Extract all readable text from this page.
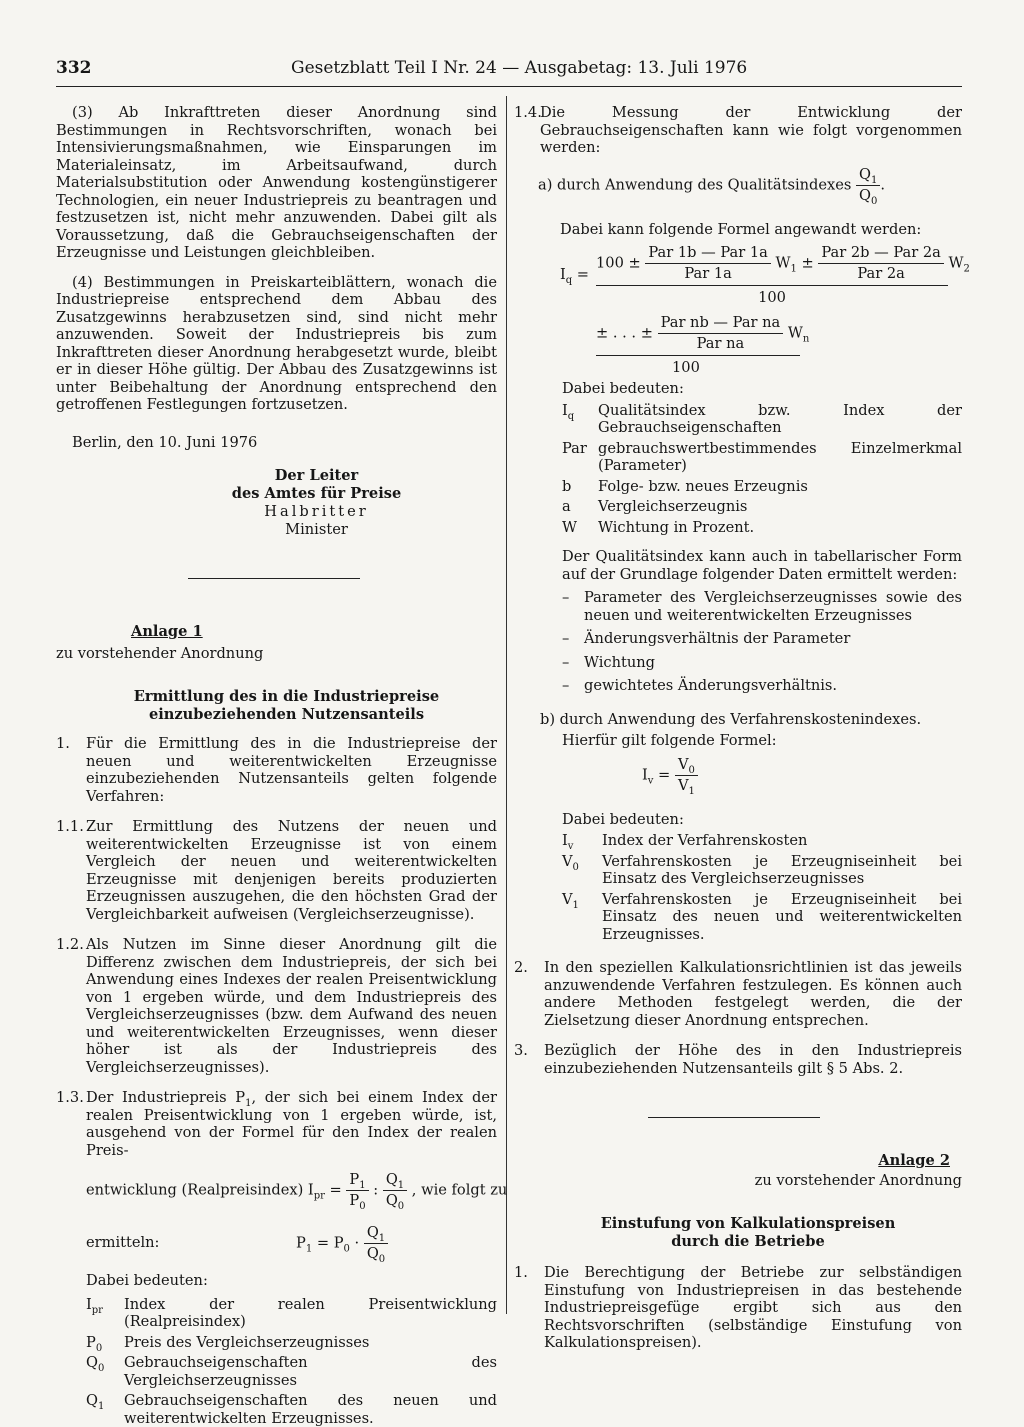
332	Gesetzblatt Teil I Nr. 24 — Ausgabetag: 13. Juli 1976

(3) Ab Inkrafttreten dieser Anordnung sind Bestimmungen in Rechtsvorschriften, wonach bei Intensivierungsmaßnahmen, wie Einsparungen im Materialeinsatz, im Arbeitsaufwand, durch Materialsubstitution oder Anwendung kostengünstigerer Technologien, ein neuer Industriepreis zu beantragen und festzusetzen ist, nicht mehr anzuwenden. Dabei gilt als Voraussetzung, daß die Gebrauchseigenschaften der Erzeugnisse und Leistungen gleichbleiben.

(4) Bestimmungen in Preiskarteiblättern, wonach die Industriepreise entsprechend dem Abbau des Zusatzgewinns herabzusetzen sind, sind nicht mehr anzuwenden. Soweit der Industriepreis bis zum Inkrafttreten dieser Anordnung herabgesetzt wurde, bleibt er in dieser Höhe gültig. Der Abbau des Zusatzgewinns ist unter Beibehaltung der Anordnung entsprechend den getroffenen Festlegungen fortzusetzen.

Berlin, den 10. Juni 1976

Der Leiter

des Amtes für Preise

Halbritter

Minister

Anlage 1

zu vorstehender Anordnung

Ermittlung des in die Industriepreise

einzubeziehenden Nutzensanteils

1.	Für die Ermittlung des in die Industriepreise der neuen und weiterentwickelten Erzeugnisse einzubeziehenden Nutzensanteils gelten folgende Verfahren:
1.1. Zur Ermittlung des Nutzens der neuen und weiterentwickelten Erzeugnisse ist von einem Vergleich der neuen und weiterentwickelten Erzeugnisse mit denjenigen bereits produzierten Erzeugnissen auszugehen, die den höchsten Grad der Vergleichbarkeit aufweisen (Vergleichserzeugnisse).
1.2. Als Nutzen im Sinne dieser Anordnung gilt die Differenz zwischen dem Industriepreis, der sich bei Anwendung eines Indexes der realen Preisentwicklung von 1 ergeben würde, und dem Industriepreis des Vergleichserzeugnisses (bzw. dem Aufwand des neuen und weiterentwickelten Erzeugnisses, wenn dieser höher ist als der Industriepreis des Vergleichserzeugnisses).
1.3. Der Industriepreis $P_1$, der sich bei einem Index der realen Preisentwicklung von 1 ergeben würde, ist, ausgehend von der Formel für den Index der realen Preis-
entwicklung (Realpreisindex) $I_{pr} = \frac{P_1}{P_0}$ : $\frac{Q_1}{Q_0}$ , wie folgt zu
ermitteln:	$P_1 = P_0 \cdot \frac{Q_1}{Q_0}$

Dabei bedeuten:

$I_{pr}$	Index der realen Preisentwicklung (Realpreisindex)
$P_0$	Preis des Vergleichserzeugnisses
$Q_0$	Gebrauchseigenschaften des Vergleichserzeugnisses
$Q_1$	Gebrauchseigenschaften des neuen und weiterentwickelten Erzeugnisses.
1.4.
Die Messung der Entwicklung der Gebrauchseigenschaften kann wie folgt vorgenommen werden:
a) durch Anwendung des Qualitätsindexes $\frac{Q_1}{Q_0}$ .

Dabei kann folgende Formel angewandt werden:

$I_q$ =
$100 \pm \frac{\text{Par 1b — Par 1a}}{\text{Par 1a}} W_1 \pm \frac{\text{Par 2b — Par 2a}}{\text{Par 2a}} W_2$
100
± . . . ± $\frac{\text{Par nb — Par na}}{\text{Par na}} W_n$
100

Dabei bedeuten:

$I_q$	Qualitätsindex bzw. Index der Gebrauchseigenschaften
Par gebrauchswertbestimmendes Einzelmerkmal (Parameter)
b	Folge- bzw. neues Erzeugnis
a	Vergleichserzeugnis
W	Wichtung in Prozent.

Der Qualitätsindex kann auch in tabellarischer Form auf der Grundlage folgender Daten ermittelt werden:

–	Parameter des Vergleichserzeugnisses sowie des neuen und weiterentwickelten Erzeugnisses
–	Änderungsverhältnis der Parameter
–	Wichtung
–	gewichtetes Änderungsverhältnis.

b) durch Anwendung des Verfahrenskostenindexes.

Hierfür gilt folgende Formel:

$I_v = \frac{V_0}{V_1}$

Dabei bedeuten:

$I_v$	Index der Verfahrenskosten
$V_0$	Verfahrenskosten je Erzeugniseinheit bei Einsatz des Vergleichserzeugnisses
$V_1$	Verfahrenskosten je Erzeugniseinheit bei Einsatz des neuen und weiterentwickelten Erzeugnisses.
2.	In den speziellen Kalkulationsrichtlinien ist das jeweils anzuwendende Verfahren festzulegen. Es können auch andere Methoden festgelegt werden, die der Zielsetzung dieser Anordnung entsprechen.
3.	Bezüglich der Höhe des in den Industriepreis einzubeziehenden Nutzensanteils gilt § 5 Abs. 2.

Anlage 2

zu vorstehender Anordnung

Einstufung von Kalkulationspreisen

durch die Betriebe

1.	Die Berechtigung der Betriebe zur selbständigen Einstufung von Industriepreisen in das bestehende Industriepreisgefüge ergibt sich aus den Rechtsvorschriften (selbständige Einstufung von Kalkulationspreisen).
